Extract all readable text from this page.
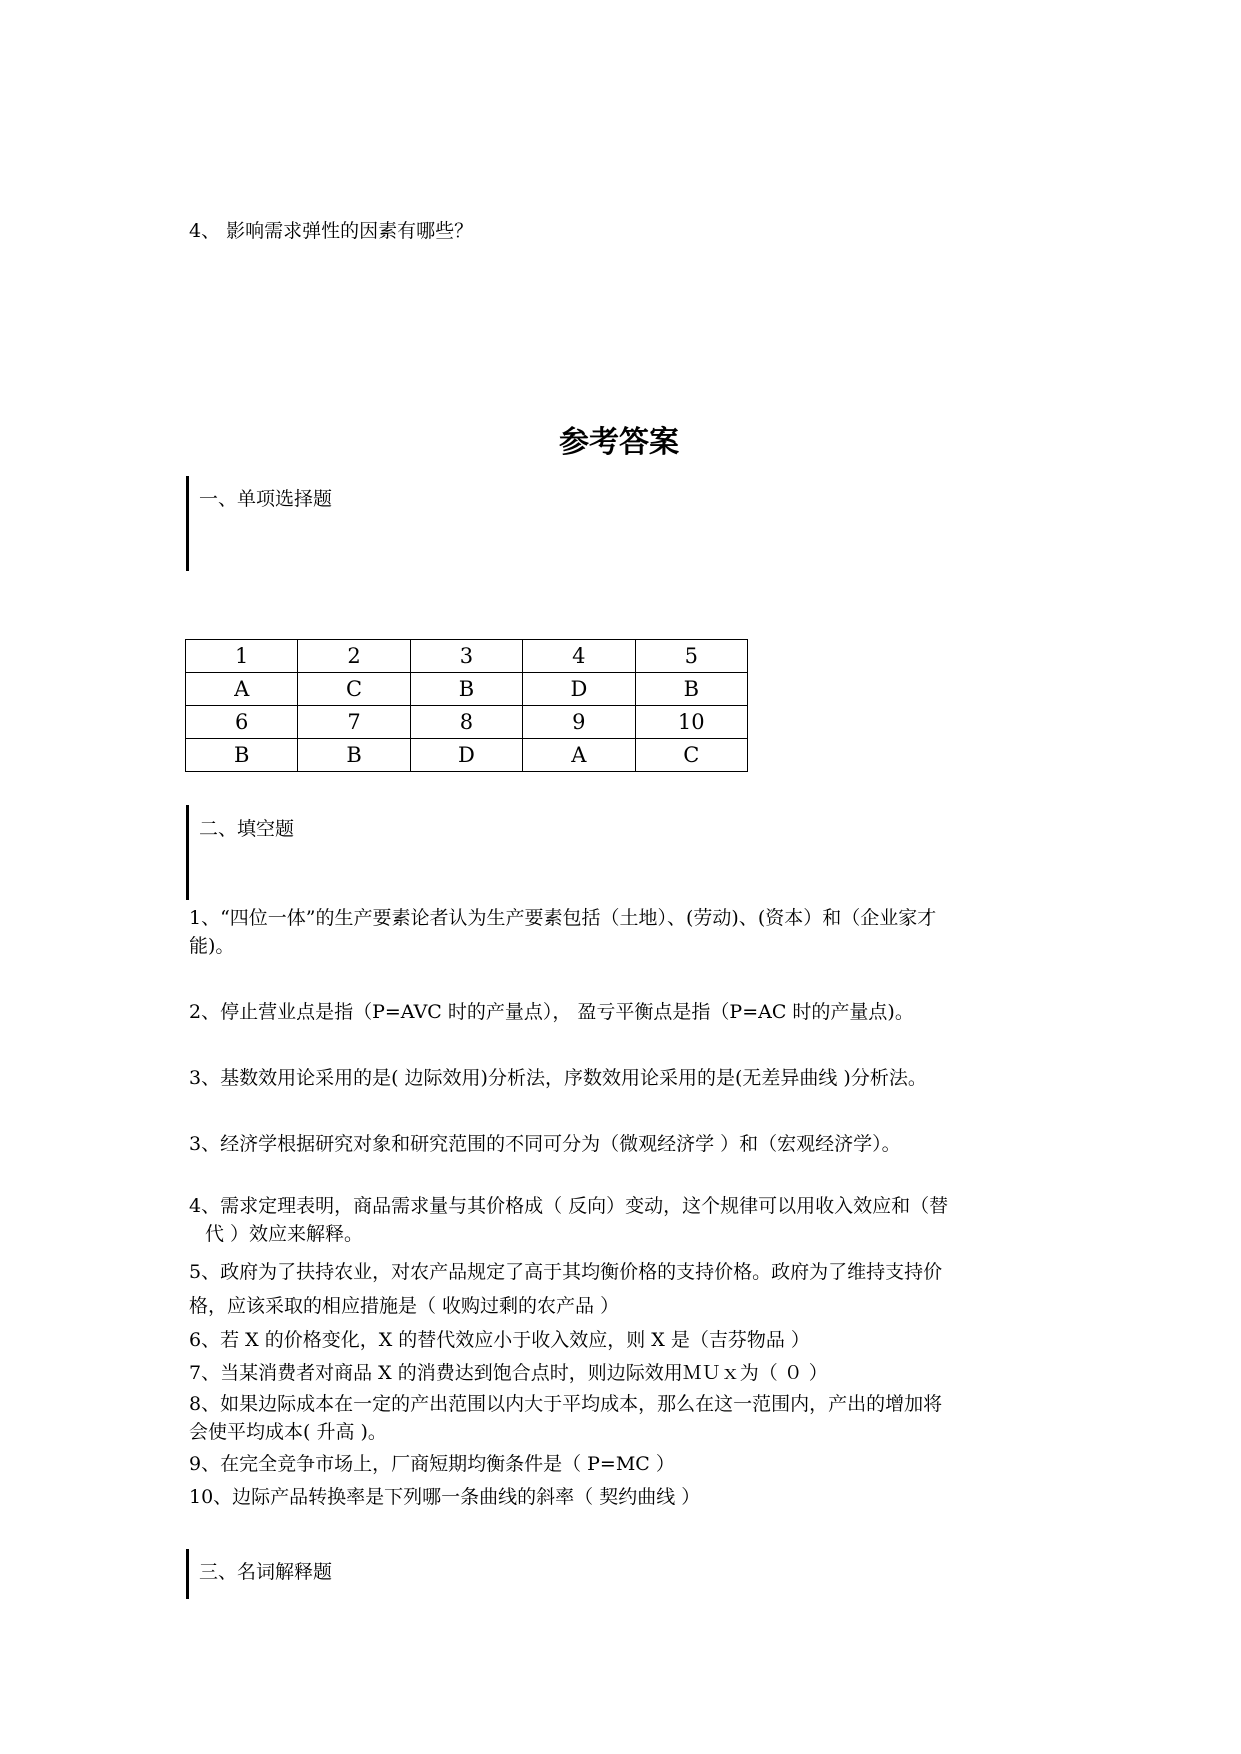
4、 影响需求弹性的因素有哪些？
参考答案
一、单项选择题
1	2	3	4	5
A	C	B	D	B
6	7	8	9	10
B	B	D	A	C
二、填空题
1、“四位一体”的生产要素论者认为生产要素包括（土地）、(劳动)、(资本）和（企业家才
能)。
2、停止营业点是指（P=AVC 时的产量点）， 盈亏平衡点是指（P=AC 时的产量点)。
3、基数效用论采用的是( 边际效用)分析法，序数效用论采用的是(无差异曲线 )分析法。
3、经济学根据研究对象和研究范围的不同可分为（微观经济学 ）和（宏观经济学）。
4、需求定理表明，商品需求量与其价格成（ 反向）变动，这个规律可以用收入效应和（替
代 ）效应来解释。
5、政府为了扶持农业，对农产品规定了高于其均衡价格的支持价格。政府为了维持支持价
格，应该采取的相应措施是（ 收购过剩的农产品 ）
6、若 X 的价格变化，X 的替代效应小于收入效应，则 X 是（吉芬物品 ）
7、当某消费者对商品 X 的消费达到饱合点时，则边际效用ＭＵｘ为（ ０ ）
8、如果边际成本在一定的产出范围以内大于平均成本，那么在这一范围内，产出的增加将
会使平均成本( 升高 )。
9、在完全竞争市场上，厂商短期均衡条件是（ P=MC ）
10、边际产品转换率是下列哪一条曲线的斜率（ 契约曲线 ）
三、名词解释题
